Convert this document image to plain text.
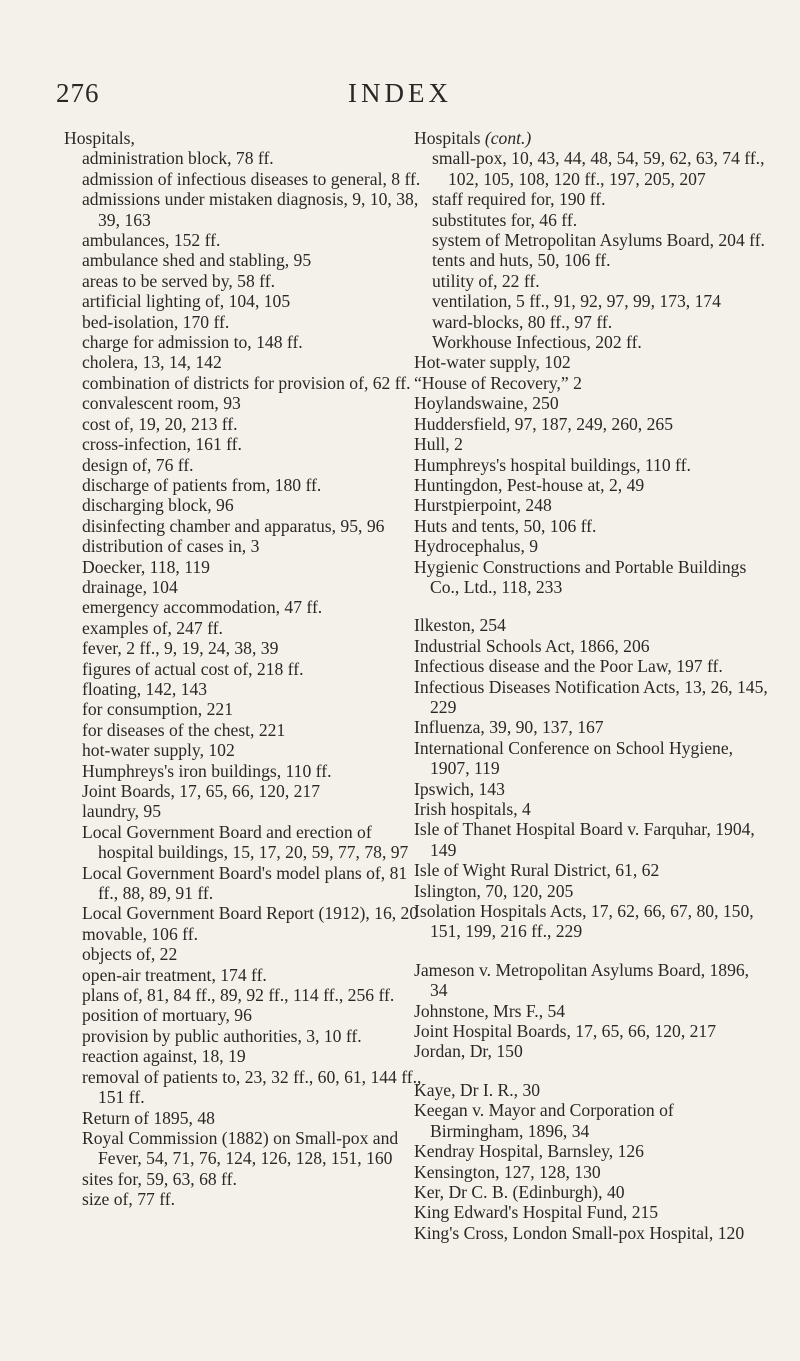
276	INDEX

Hospitals,

administration block, 78 ff.

admission of infectious diseases to general, 8 ff.

admissions under mistaken diagnosis, 9, 10, 38, 39, 163

ambulances, 152 ff.

ambulance shed and stabling, 95

areas to be served by, 58 ff.

artificial lighting of, 104, 105

bed-isolation, 170 ff.

charge for admission to, 148 ff.

cholera, 13, 14, 142

combination of districts for provision of, 62 ff.

convalescent room, 93

cost of, 19, 20, 213 ff.

cross-infection, 161 ff.

design of, 76 ff.

discharge of patients from, 180 ff.

discharging block, 96

disinfecting chamber and apparatus, 95, 96

distribution of cases in, 3

Doecker, 118, 119

drainage, 104

emergency accommodation, 47 ff.

examples of, 247 ff.

fever, 2 ff., 9, 19, 24, 38, 39

figures of actual cost of, 218 ff.

floating, 142, 143

for consumption, 221

for diseases of the chest, 221

hot-water supply, 102

Humphreys's iron buildings, 110 ff.

Joint Boards, 17, 65, 66, 120, 217

laundry, 95

Local Government Board and erection of hospital buildings, 15, 17, 20, 59, 77, 78, 97

Local Government Board's model plans of, 81 ff., 88, 89, 91 ff.

Local Government Board Report (1912), 16, 20

movable, 106 ff.

objects of, 22

open-air treatment, 174 ff.

plans of, 81, 84 ff., 89, 92 ff., 114 ff., 256 ff.

position of mortuary, 96

provision by public authorities, 3, 10 ff.

reaction against, 18, 19

removal of patients to, 23, 32 ff., 60, 61, 144 ff., 151 ff.

Return of 1895, 48

Royal Commission (1882) on Small-pox and Fever, 54, 71, 76, 124, 126, 128, 151, 160

sites for, 59, 63, 68 ff.

size of, 77 ff.

Hospitals (cont.)

small-pox, 10, 43, 44, 48, 54, 59, 62, 63, 74 ff., 102, 105, 108, 120 ff., 197, 205, 207

staff required for, 190 ff.

substitutes for, 46 ff.

system of Metropolitan Asylums Board, 204 ff.

tents and huts, 50, 106 ff.

utility of, 22 ff.

ventilation, 5 ff., 91, 92, 97, 99, 173, 174

ward-blocks, 80 ff., 97 ff.

Workhouse Infectious, 202 ff.

Hot-water supply, 102

“House of Recovery,” 2

Hoylandswaine, 250

Huddersfield, 97, 187, 249, 260, 265

Hull, 2

Humphreys's hospital buildings, 110 ff.

Huntingdon, Pest-house at, 2, 49

Hurstpierpoint, 248

Huts and tents, 50, 106 ff.

Hydrocephalus, 9

Hygienic Constructions and Portable Buildings Co., Ltd., 118, 233

Ilkeston, 254

Industrial Schools Act, 1866, 206

Infectious disease and the Poor Law, 197 ff.

Infectious Diseases Notification Acts, 13, 26, 145, 229

Influenza, 39, 90, 137, 167

International Conference on School Hygiene, 1907, 119

Ipswich, 143

Irish hospitals, 4

Isle of Thanet Hospital Board v. Farquhar, 1904, 149

Isle of Wight Rural District, 61, 62

Islington, 70, 120, 205

Isolation Hospitals Acts, 17, 62, 66, 67, 80, 150, 151, 199, 216 ff., 229

Jameson v. Metropolitan Asylums Board, 1896, 34

Johnstone, Mrs F., 54

Joint Hospital Boards, 17, 65, 66, 120, 217

Jordan, Dr, 150

Kaye, Dr I. R., 30

Keegan v. Mayor and Corporation of Birmingham, 1896, 34

Kendray Hospital, Barnsley, 126

Kensington, 127, 128, 130

Ker, Dr C. B. (Edinburgh), 40

King Edward's Hospital Fund, 215

King's Cross, London Small-pox Hospital, 120
